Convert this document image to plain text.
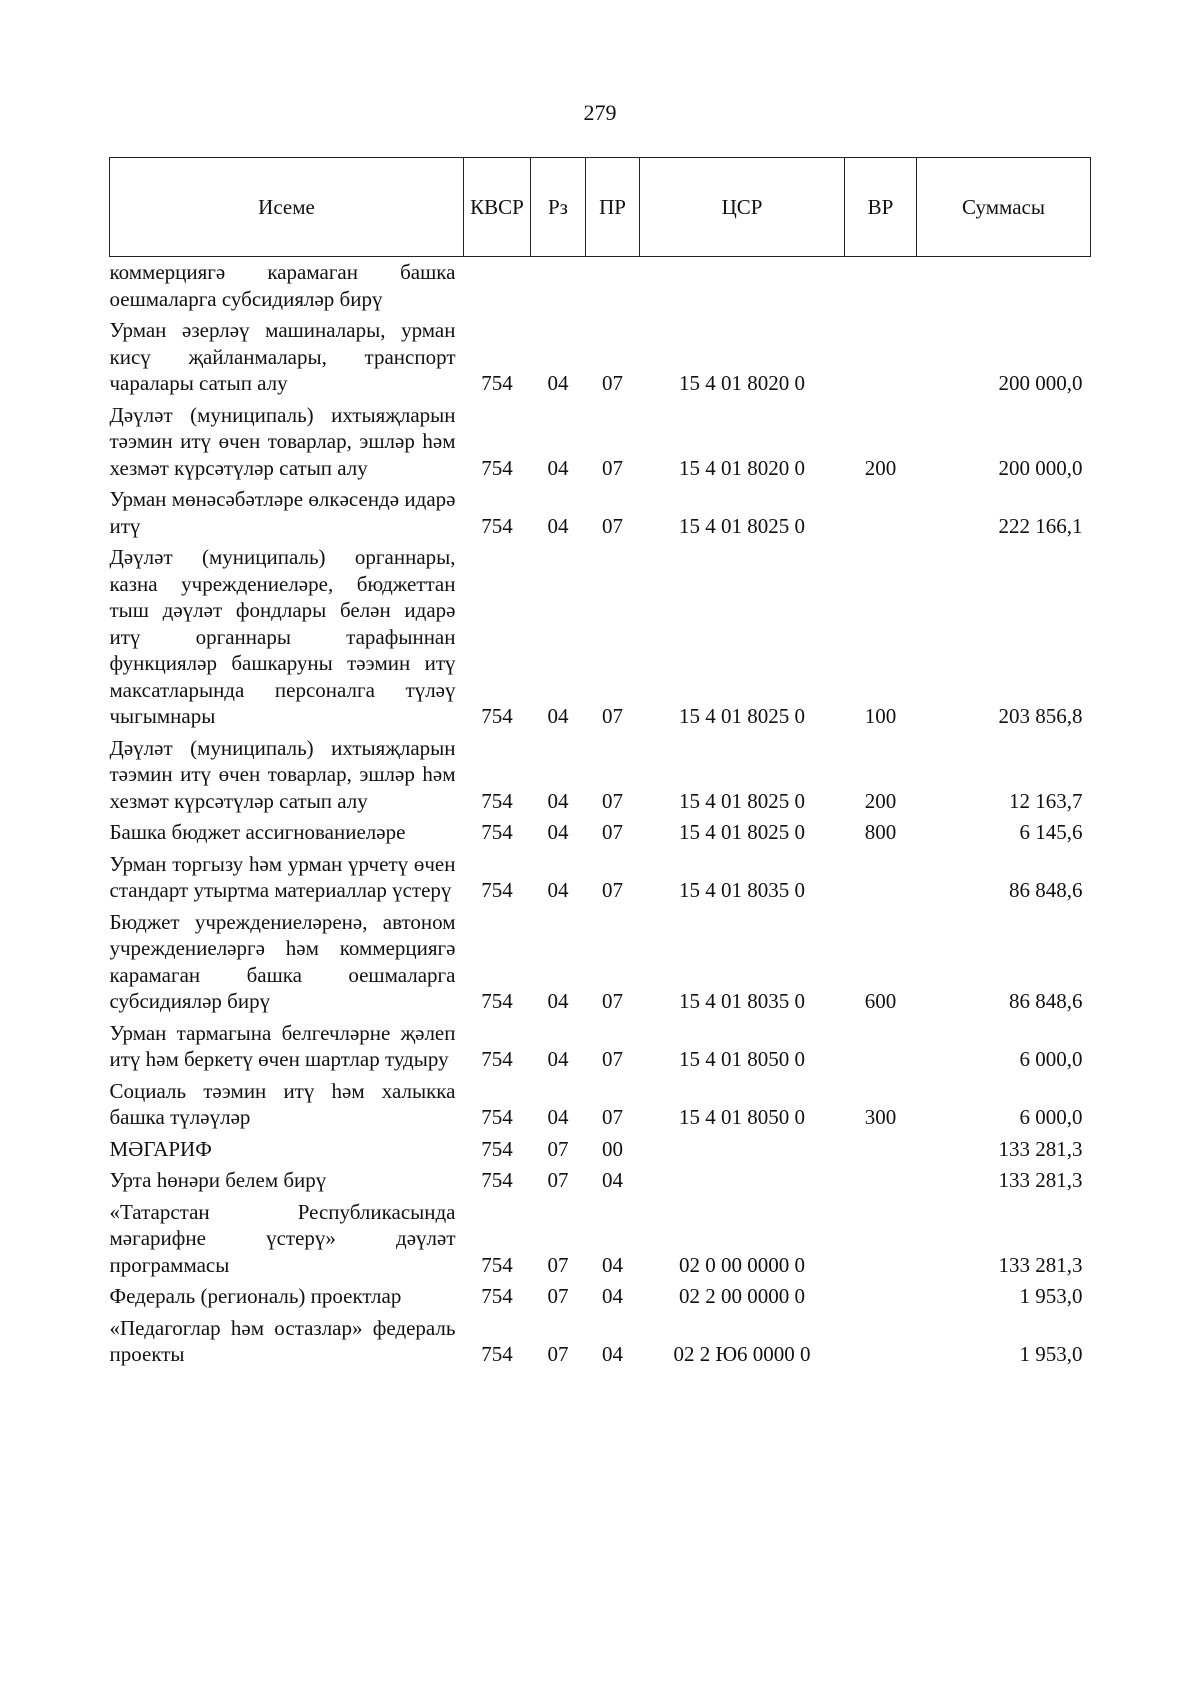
279
Исеме	КВСР	Рз	ПР	ЦСР	ВР	Суммасы
коммерциягә карамаган башка оешмаларга субсидияләр бирү						
Урман әзерләү машиналары, урман кисү җайланмалары, транспорт чаралары сатып алу	754	04	07	15 4 01 8020 0		200 000,0
Дәүләт (муниципаль) ихтыяҗларын тәэмин итү өчен товарлар, эшләр һәм хезмәт күрсәтүләр сатып алу	754	04	07	15 4 01 8020 0	200	200 000,0
Урман мөнәсәбәтләре өлкәсендә идарә итү	754	04	07	15 4 01 8025 0		222 166,1
Дәүләт (муниципаль) органнары, казна учреждениеләре, бюджеттан тыш дәүләт фондлары белән идарә итү органнары тарафыннан функцияләр башкаруны тәэмин итү максатларында персоналга түләү чыгымнары	754	04	07	15 4 01 8025 0	100	203 856,8
Дәүләт (муниципаль) ихтыяҗларын тәэмин итү өчен товарлар, эшләр һәм хезмәт күрсәтүләр сатып алу	754	04	07	15 4 01 8025 0	200	12 163,7
Башка бюджет ассигнованиеләре	754	04	07	15 4 01 8025 0	800	6 145,6
Урман торгызу һәм урман үрчетү өчен стандарт утыртма материаллар үстерү	754	04	07	15 4 01 8035 0		86 848,6
Бюджет учреждениеләренә, автоном учреждениеләргә һәм коммерциягә карамаган башка оешмаларга субсидияләр бирү	754	04	07	15 4 01 8035 0	600	86 848,6
Урман тармагына белгечләрне җәлеп итү һәм беркетү өчен шартлар тудыру	754	04	07	15 4 01 8050 0		6 000,0
Социаль тәэмин итү һәм халыкка башка түләүләр	754	04	07	15 4 01 8050 0	300	6 000,0
МӘГАРИФ	754	07	00			133 281,3
Урта һөнәри белем бирү	754	07	04			133 281,3
«Татарстан Республикасында мәгарифне үстерү» дәүләт программасы	754	07	04	02 0 00 0000 0		133 281,3
Федераль (региональ) проектлар	754	07	04	02 2 00 0000 0		1 953,0
«Педагоглар һәм остазлар» федераль проекты	754	07	04	02 2 Ю6 0000 0		1 953,0
